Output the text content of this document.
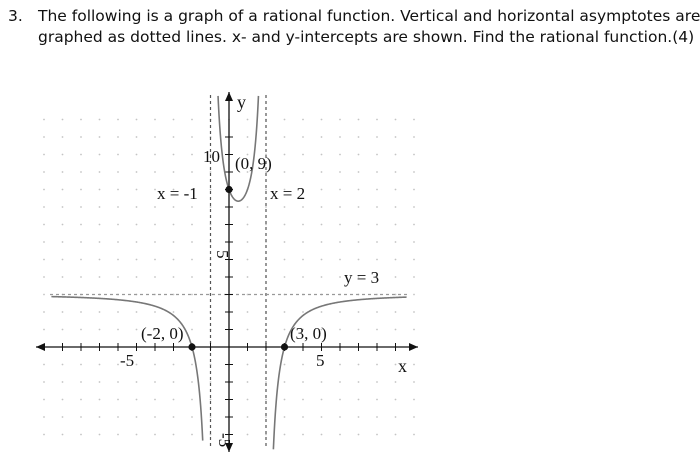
3. The following is a graph of a rational function. Vertical and horizontal asymptotes are
graphed as dotted lines. x- and y-intercepts are shown. Find the rational function.(4)
y
x
-5	5
10
5
-5
x = -1	x = 2
y = 3
(-2, 0)	(3, 0)
(0, 9)
